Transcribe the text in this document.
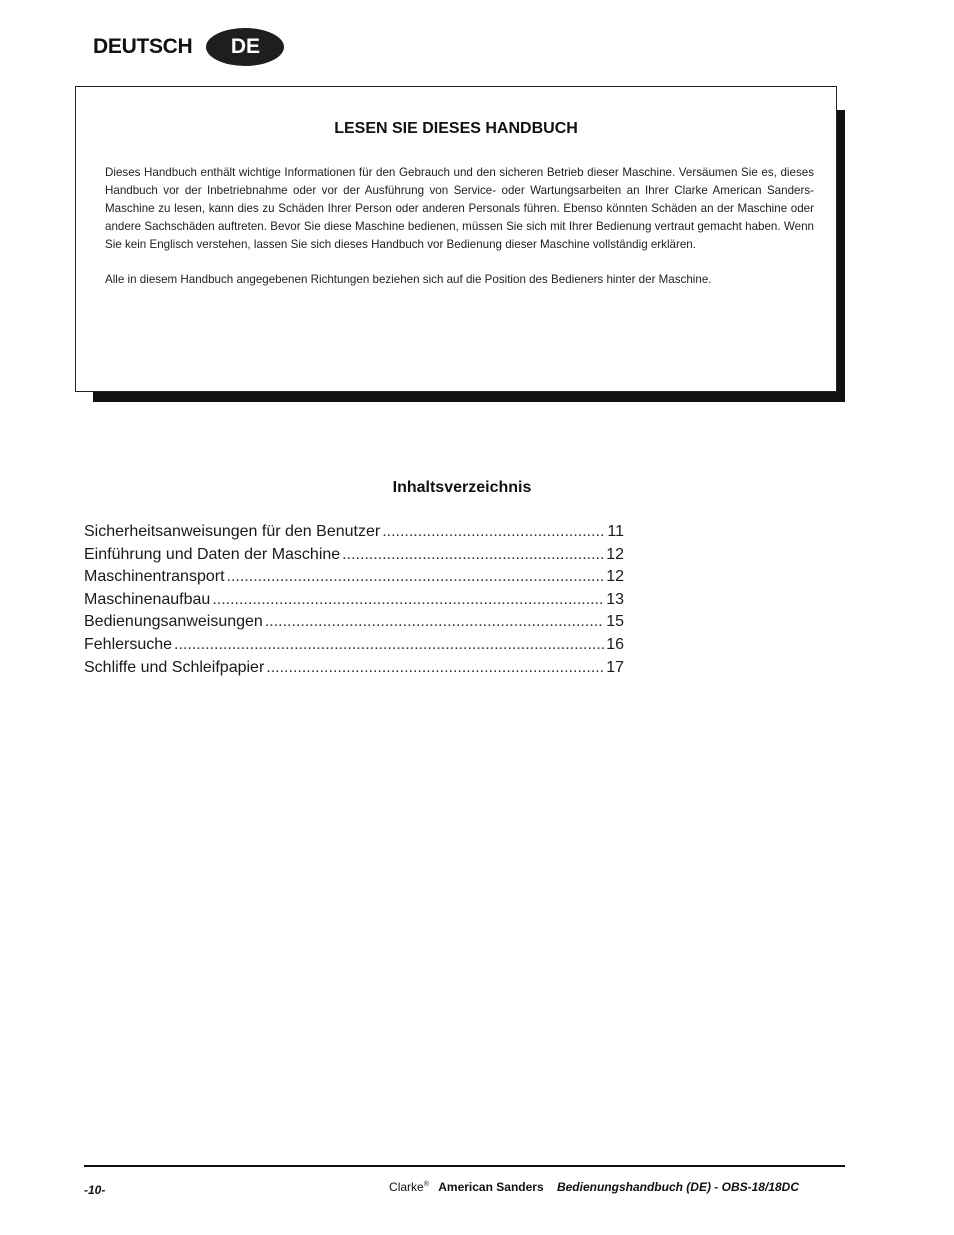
DEUTSCH	DE
LESEN SIE DIESES HANDBUCH

Dieses Handbuch enthält wichtige Informationen für den Gebrauch und den sicheren Betrieb dieser Maschine. Versäumen Sie es, dieses Handbuch vor der Inbetriebnahme oder vor der Ausführung von Service- oder Wartungsarbeiten an Ihrer Clarke American Sanders-Maschine zu lesen, kann dies zu Schäden Ihrer Person oder anderen Personals führen. Ebenso könnten Schäden an der Maschine oder andere Sachschäden auftreten. Bevor Sie diese Maschine bedienen, müssen Sie sich mit Ihrer Bedienung vertraut gemacht haben. Wenn Sie kein Englisch verstehen, lassen Sie sich dieses Handbuch vor Bedienung dieser Maschine vollständig erklären.

Alle in diesem Handbuch angegebenen Richtungen beziehen sich auf die Position des Bedieners hinter der Maschine.

Inhaltsverzeichnis
Sicherheitsanweisungen für den Benutzer .....	11
Einführung und Daten der Maschine .....	12
Maschinentransport .....	12
Maschinenaufbau .....	13
Bedienungsanweisungen .....	15
Fehlersuche .....	16
Schliffe und Schleifpapier .....	17
-10-	Clarke® American Sanders Bedienungshandbuch (DE) - OBS-18/18DC
